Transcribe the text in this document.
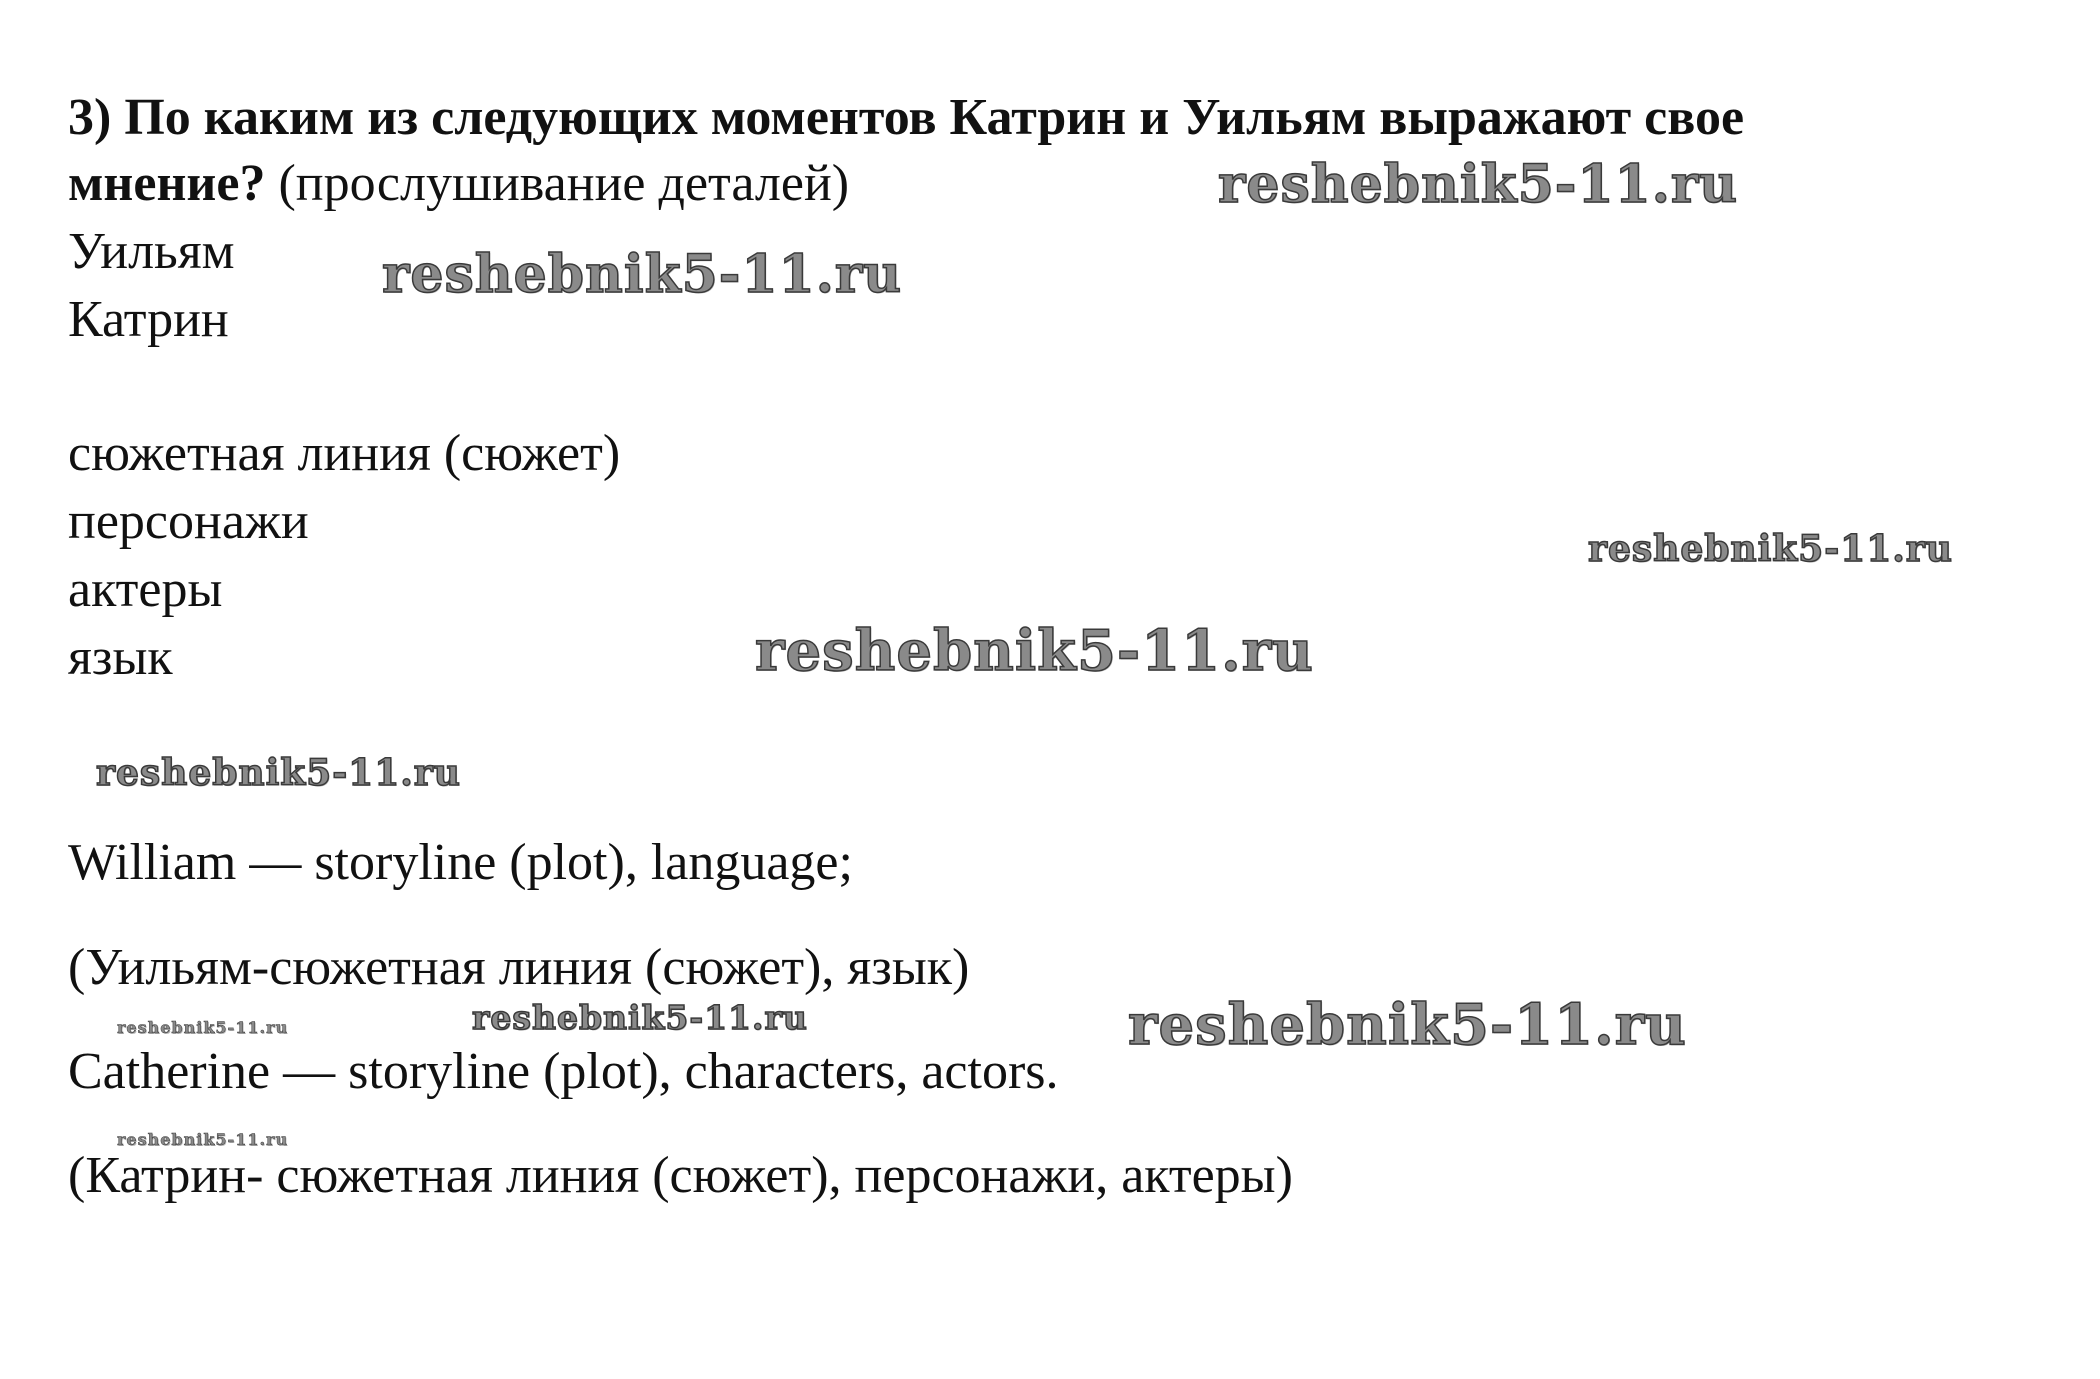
3) По каким из следующих моментов Катрин и Уильям выражают свое
мнение? (прослушивание деталей)
Уильям
Катрин
сюжетная линия (сюжет)
персонажи
актеры
язык
William — storyline (plot), language;
(Уильям-сюжетная линия (сюжет), язык)
Catherine — storyline (plot), characters, actors.
(Катрин- сюжетная линия (сюжет), персонажи, актеры)
reshebnik5-11.ru
reshebnik5-11.ru
reshebnik5-11.ru
reshebnik5-11.ru
reshebnik5-11.ru
reshebnik5-11.ru	reshebnik5-11.ru
reshebnik5-11.ru
reshebnik5-11.ru
